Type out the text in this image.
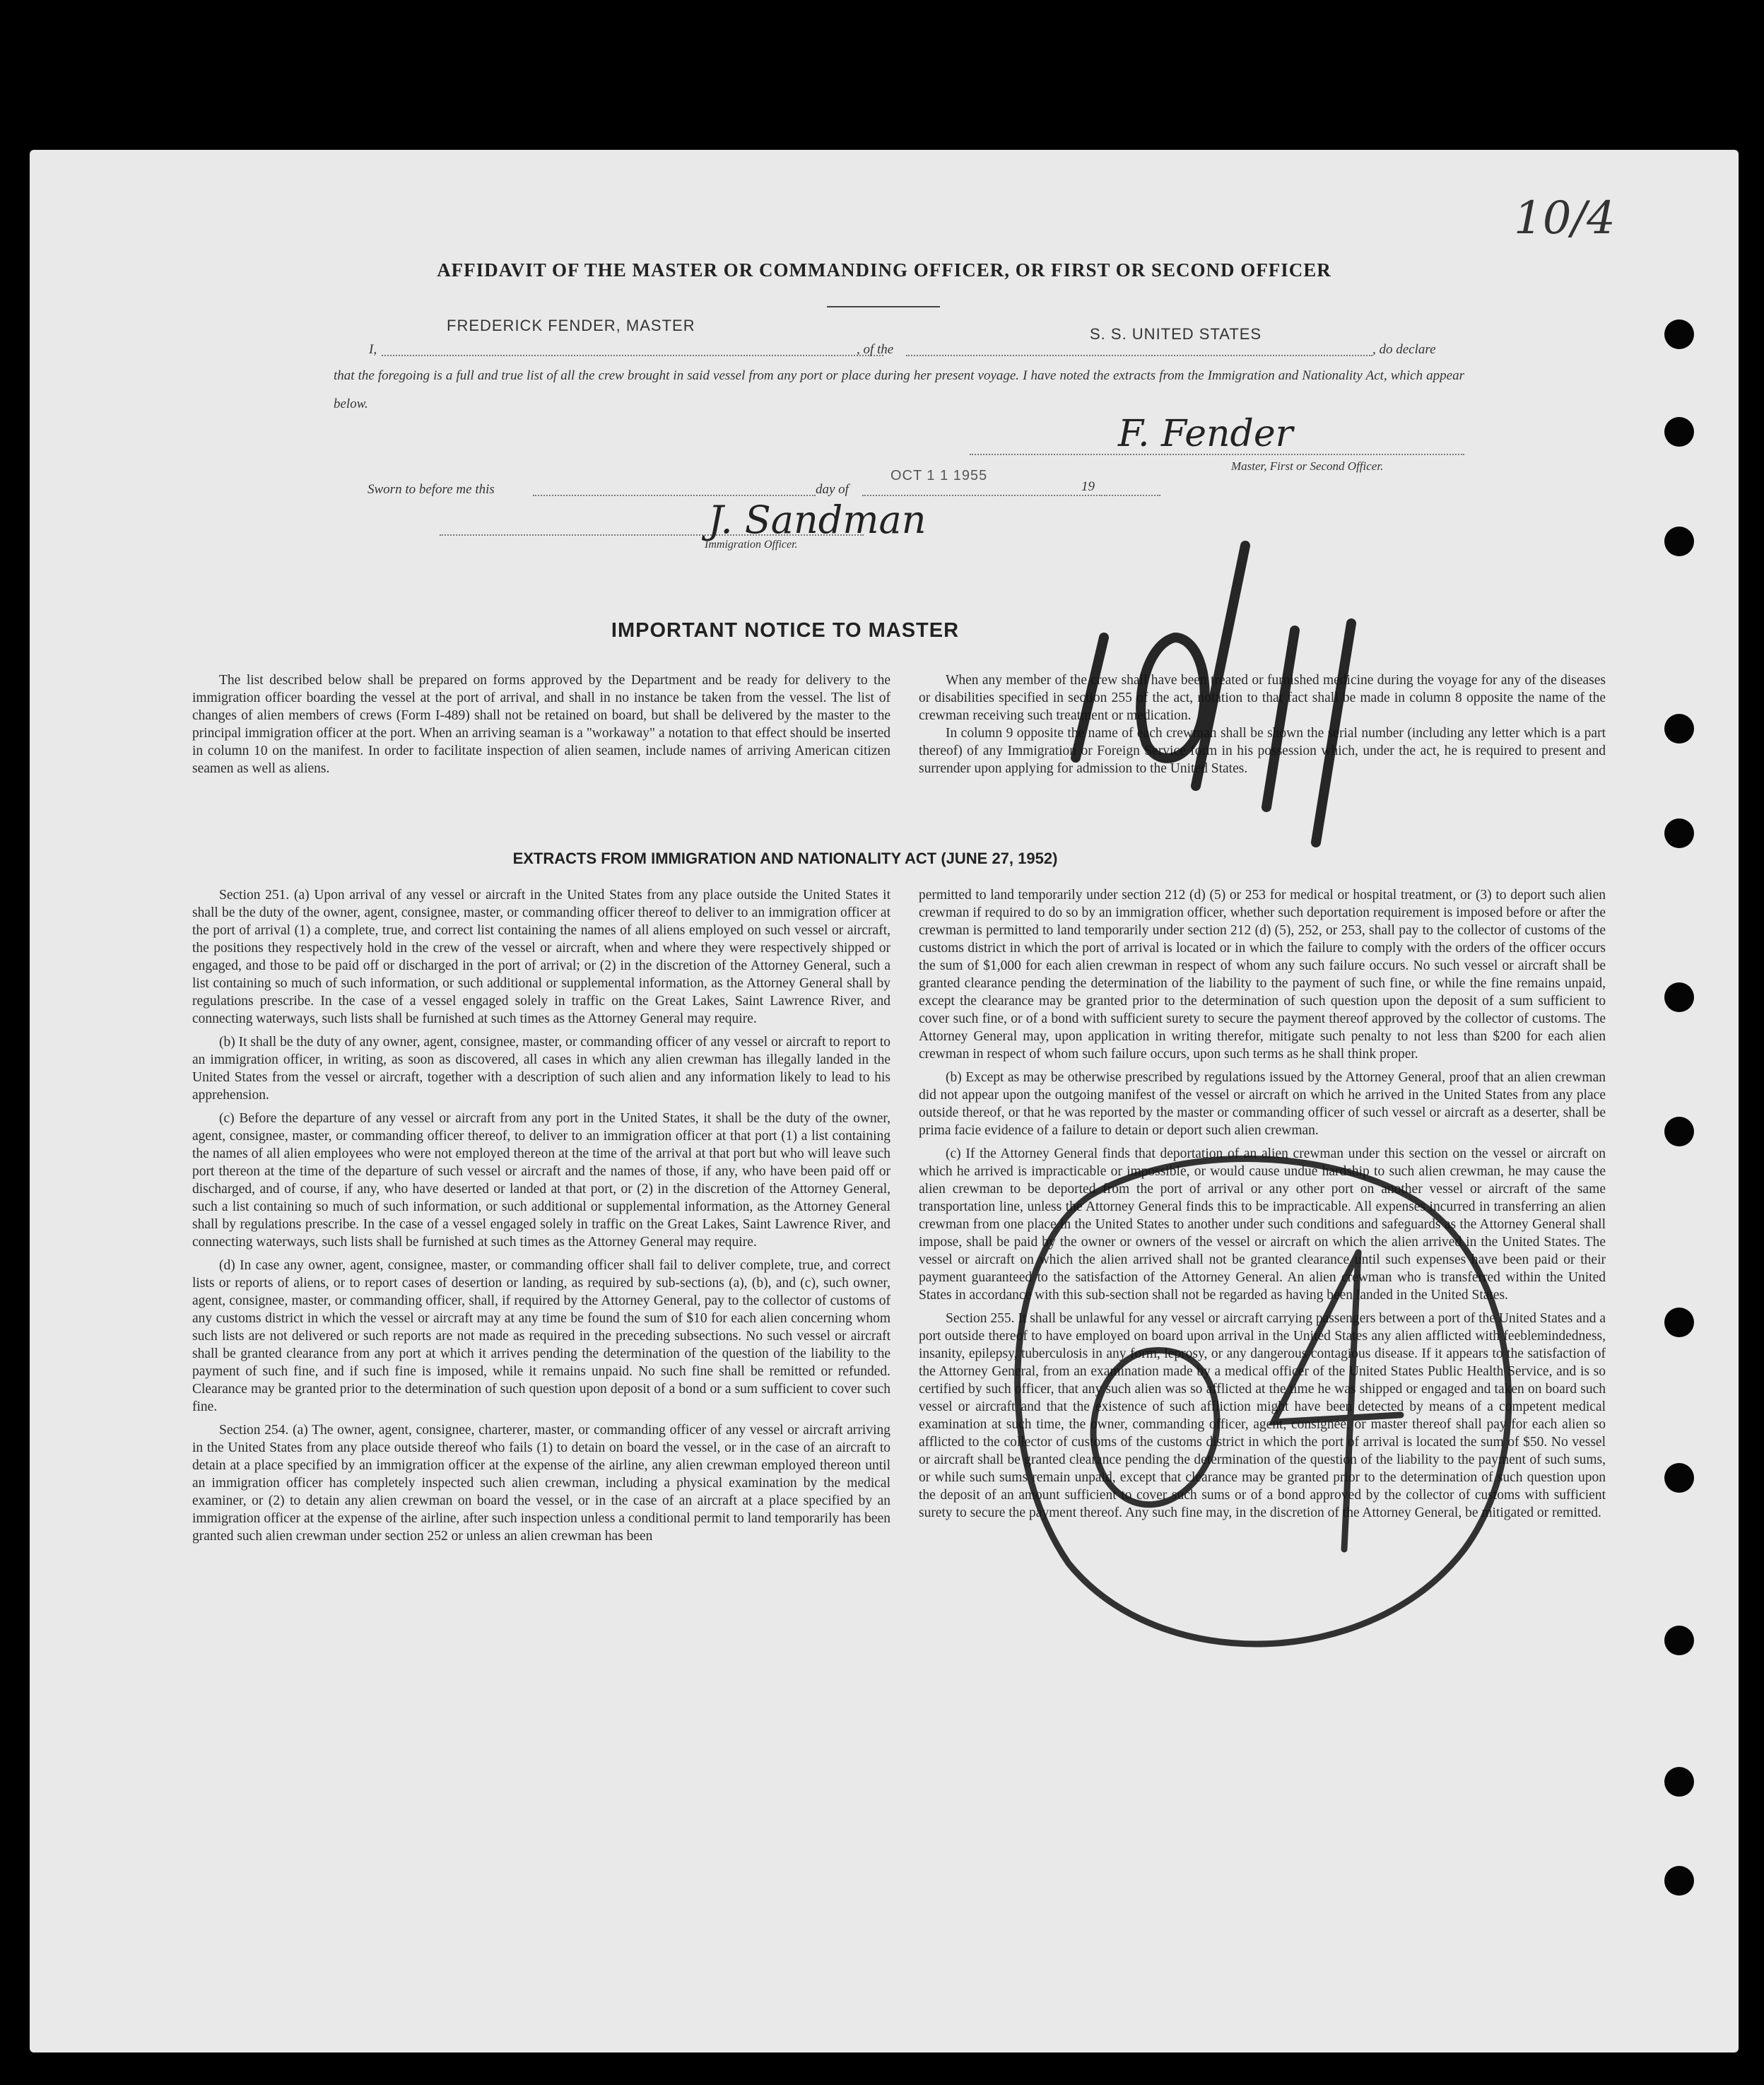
10/4
AFFIDAVIT OF THE MASTER OR COMMANDING OFFICER, OR FIRST OR SECOND OFFICER
I,
FREDERICK FENDER, MASTER
, of the
S. S. UNITED STATES
, do declare
that the foregoing is a full and true list of all the crew brought in said vessel from any port or place during her present voyage. I have noted the extracts from the Immigration and Nationality Act, which appear below.
F. Fender
Master, First or Second Officer.
Sworn to before me this	day of
OCT 1 1 1955
19
J. Sandman
Immigration Officer.
IMPORTANT NOTICE TO MASTER

The list described below shall be prepared on forms approved by the Department and be ready for delivery to the immigration officer boarding the vessel at the port of arrival, and shall in no instance be taken from the vessel. The list of changes of alien members of crews (Form I-489) shall not be retained on board, but shall be delivered by the master to the principal immigration officer at the port. When an arriving seaman is a "workaway" a notation to that effect should be inserted in column 10 on the manifest. In order to facilitate inspection of alien seamen, include names of arriving American citizen seamen as well as aliens.

When any member of the crew shall have been treated or furnished medicine during the voyage for any of the diseases or disabilities specified in section 255 of the act, notation to that fact shall be made in column 8 opposite the name of the crewman receiving such treatment or medication.

In column 9 opposite the name of each crewman shall be shown the serial number (including any letter which is a part thereof) of any Immigration or Foreign Service form in his possession which, under the act, he is required to present and surrender upon applying for admission to the United States.

EXTRACTS FROM IMMIGRATION AND NATIONALITY ACT (JUNE 27, 1952)

Section 251. (a) Upon arrival of any vessel or aircraft in the United States from any place outside the United States it shall be the duty of the owner, agent, consignee, master, or commanding officer thereof to deliver to an immigration officer at the port of arrival (1) a complete, true, and correct list containing the names of all aliens employed on such vessel or aircraft, the positions they respectively hold in the crew of the vessel or aircraft, when and where they were respectively shipped or engaged, and those to be paid off or discharged in the port of arrival; or (2) in the discretion of the Attorney General, such a list containing so much of such information, or such additional or supplemental information, as the Attorney General shall by regulations prescribe. In the case of a vessel engaged solely in traffic on the Great Lakes, Saint Lawrence River, and connecting waterways, such lists shall be furnished at such times as the Attorney General may require.

(b) It shall be the duty of any owner, agent, consignee, master, or commanding officer of any vessel or aircraft to report to an immigration officer, in writing, as soon as discovered, all cases in which any alien crewman has illegally landed in the United States from the vessel or aircraft, together with a description of such alien and any information likely to lead to his apprehension.

(c) Before the departure of any vessel or aircraft from any port in the United States, it shall be the duty of the owner, agent, consignee, master, or commanding officer thereof, to deliver to an immigration officer at that port (1) a list containing the names of all alien employees who were not employed thereon at the time of the arrival at that port but who will leave such port thereon at the time of the departure of such vessel or aircraft and the names of those, if any, who have been paid off or discharged, and of course, if any, who have deserted or landed at that port, or (2) in the discretion of the Attorney General, such a list containing so much of such information, or such additional or supplemental information, as the Attorney General shall by regulations prescribe. In the case of a vessel engaged solely in traffic on the Great Lakes, Saint Lawrence River, and connecting waterways, such lists shall be furnished at such times as the Attorney General may require.

(d) In case any owner, agent, consignee, master, or commanding officer shall fail to deliver complete, true, and correct lists or reports of aliens, or to report cases of desertion or landing, as required by sub-sections (a), (b), and (c), such owner, agent, consignee, master, or commanding officer, shall, if required by the Attorney General, pay to the collector of customs of any customs district in which the vessel or aircraft may at any time be found the sum of $10 for each alien concerning whom such lists are not delivered or such reports are not made as required in the preceding subsections. No such vessel or aircraft shall be granted clearance from any port at which it arrives pending the determination of the question of the liability to the payment of such fine, and if such fine is imposed, while it remains unpaid. No such fine shall be remitted or refunded. Clearance may be granted prior to the determination of such question upon deposit of a bond or a sum sufficient to cover such fine.

Section 254. (a) The owner, agent, consignee, charterer, master, or commanding officer of any vessel or aircraft arriving in the United States from any place outside thereof who fails (1) to detain on board the vessel, or in the case of an aircraft to detain at a place specified by an immigration officer at the expense of the airline, any alien crewman employed thereon until an immigration officer has completely inspected such alien crewman, including a physical examination by the medical examiner, or (2) to detain any alien crewman on board the vessel, or in the case of an aircraft at a place specified by an immigration officer at the expense of the airline, after such inspection unless a conditional permit to land temporarily has been granted such alien crewman under section 252 or unless an alien crewman has been

permitted to land temporarily under section 212 (d) (5) or 253 for medical or hospital treatment, or (3) to deport such alien crewman if required to do so by an immigration officer, whether such deportation requirement is imposed before or after the crewman is permitted to land temporarily under section 212 (d) (5), 252, or 253, shall pay to the collector of customs of the customs district in which the port of arrival is located or in which the failure to comply with the orders of the officer occurs the sum of $1,000 for each alien crewman in respect of whom any such failure occurs. No such vessel or aircraft shall be granted clearance pending the determination of the liability to the payment of such fine, or while the fine remains unpaid, except the clearance may be granted prior to the determination of such question upon the deposit of a sum sufficient to cover such fine, or of a bond with sufficient surety to secure the payment thereof approved by the collector of customs. The Attorney General may, upon application in writing therefor, mitigate such penalty to not less than $200 for each alien crewman in respect of whom such failure occurs, upon such terms as he shall think proper.

(b) Except as may be otherwise prescribed by regulations issued by the Attorney General, proof that an alien crewman did not appear upon the outgoing manifest of the vessel or aircraft on which he arrived in the United States from any place outside thereof, or that he was reported by the master or commanding officer of such vessel or aircraft as a deserter, shall be prima facie evidence of a failure to detain or deport such alien crewman.

(c) If the Attorney General finds that deportation of an alien crewman under this section on the vessel or aircraft on which he arrived is impracticable or impossible, or would cause undue hardship to such alien crewman, he may cause the alien crewman to be deported from the port of arrival or any other port on another vessel or aircraft of the same transportation line, unless the Attorney General finds this to be impracticable. All expenses incurred in transferring an alien crewman from one place in the United States to another under such conditions and safeguards as the Attorney General shall impose, shall be paid by the owner or owners of the vessel or aircraft on which the alien arrived in the United States. The vessel or aircraft on which the alien arrived shall not be granted clearance until such expenses have been paid or their payment guaranteed to the satisfaction of the Attorney General. An alien crewman who is transferred within the United States in accordance with this sub-section shall not be regarded as having been landed in the United States.

Section 255. It shall be unlawful for any vessel or aircraft carrying passengers between a port of the United States and a port outside thereof to have employed on board upon arrival in the United States any alien afflicted with feeblemindedness, insanity, epilepsy, tuberculosis in any form, leprosy, or any dangerous contagious disease. If it appears to the satisfaction of the Attorney General, from an examination made by a medical officer of the United States Public Health Service, and is so certified by such officer, that any such alien was so afflicted at the time he was shipped or engaged and taken on board such vessel or aircraft and that the existence of such affliction might have been detected by means of a competent medical examination at such time, the owner, commanding officer, agent, consignee, or master thereof shall pay for each alien so afflicted to the collector of customs of the customs district in which the port of arrival is located the sum of $50. No vessel or aircraft shall be granted clearance pending the determination of the question of the liability to the payment of such sums, or while such sums remain unpaid, except that clearance may be granted prior to the determination of such question upon the deposit of an amount sufficient to cover such sums or of a bond approved by the collector of customs with sufficient surety to secure the payment thereof. Any such fine may, in the discretion of the Attorney General, be mitigated or remitted.
